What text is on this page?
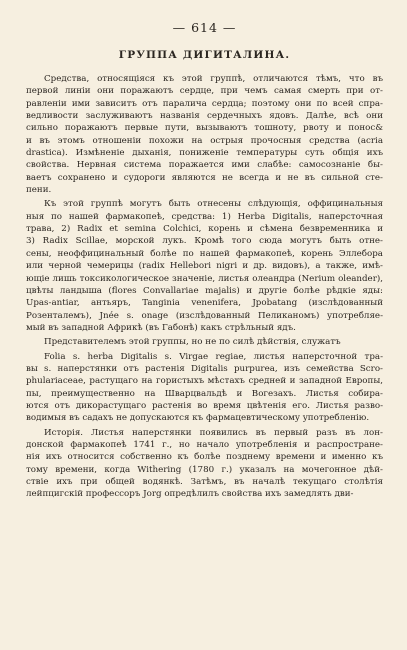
— 614 —
ГРУППА ДИГИТАЛИНА.
Средства, относящiяся къ этой группѣ, отличаются тѣмъ, что въ
первой линiи они поражаютъ сердце, при чемъ самая смерть при от-
равленiи ими зависитъ отъ паралича сердца; поэтому они по всей спра-
ведливости заслуживаютъ названiя сердечныхъ ядовъ. Далѣе, всѣ они
сильно поражаютъ первые пути, вызываютъ тошноту, рвоту и понос&
и въ этомъ отношенiи похожи на острыя прочосныя средства (acria
drastica). Измѣненiе дыханiя, пониженiе температуры суть общiя ихъ
свойства. Нервная система поражается ими слабѣе: самосознанiе бы-
ваетъ сохранено и судороги являются не всегда и не въ сильной сте-
пени.
Къ этой группѣ могутъ быть отнесены слѣдующiя, оффицинальныя
ныя по нашей фармакопеѣ, средства: 1) Herba Digitalis, наперсточная
трава, 2) Radix et semina Colchici, корень и сѣмена безвременника и
3) Radix Scillae, морской лукъ. Кромѣ того сюда могутъ быть отне-
сены, неоффицинальный болѣе по нашей фармакопеѣ, корень Эллебора
или черной чемерицы (radix Hellebori nigri и др. видовъ), а также, имѣ-
ющiе лишь токсикологическое значенiе, листья олеандра (Nerium oleander),
цвѣты ландыша (flores Convallariae majalis) и другiе болѣе рѣдкiе яды:
Upas-antiar, антьяръ, Tanginia venenifera, Jpobatang (изслѣдованный
Розенталемъ), Jnée s. onage (изслѣдованный Пеликаномъ) употребляе-
мый въ западной Африкѣ (въ Габонѣ) какъ стрѣльный ядъ.
Представителемъ этой группы, но не по силѣ дѣйствiя, служатъ
Folia s. herba Digitalis s. Virgae regiae, листья наперсточной тра-
вы s. наперстянки отъ растенiя Digitalis purpurea, изъ семейства Scro-
phulariaceae, растущаго на гористыхъ мѣстахъ средней и западной Европы,
пы, преимущественно на Шварцвальдѣ и Вогезахъ. Листья собира-
ются отъ дикорастущаго растенiя во время цвѣтенiя его. Листья разво-
водимыя въ садахъ не допускаются къ фармацевтическому употребленiю.
Исторiя. Листья наперстянки появились въ первый разъ въ лон-
донской фармакопеѣ 1741 г., но начало употребленiя и распростране-
нiя ихъ относится собственно къ болѣе позднему времени и именно къ
тому времени, когда Withering (1780 г.) указалъ на мочегонное дѣй-
ствiе ихъ при общей водянкѣ. Затѣмъ, въ началѣ текущаго столѣтiя
лейпцигскiй профессоръ Jorg опредѣлилъ свойства ихъ замедлять дви-
